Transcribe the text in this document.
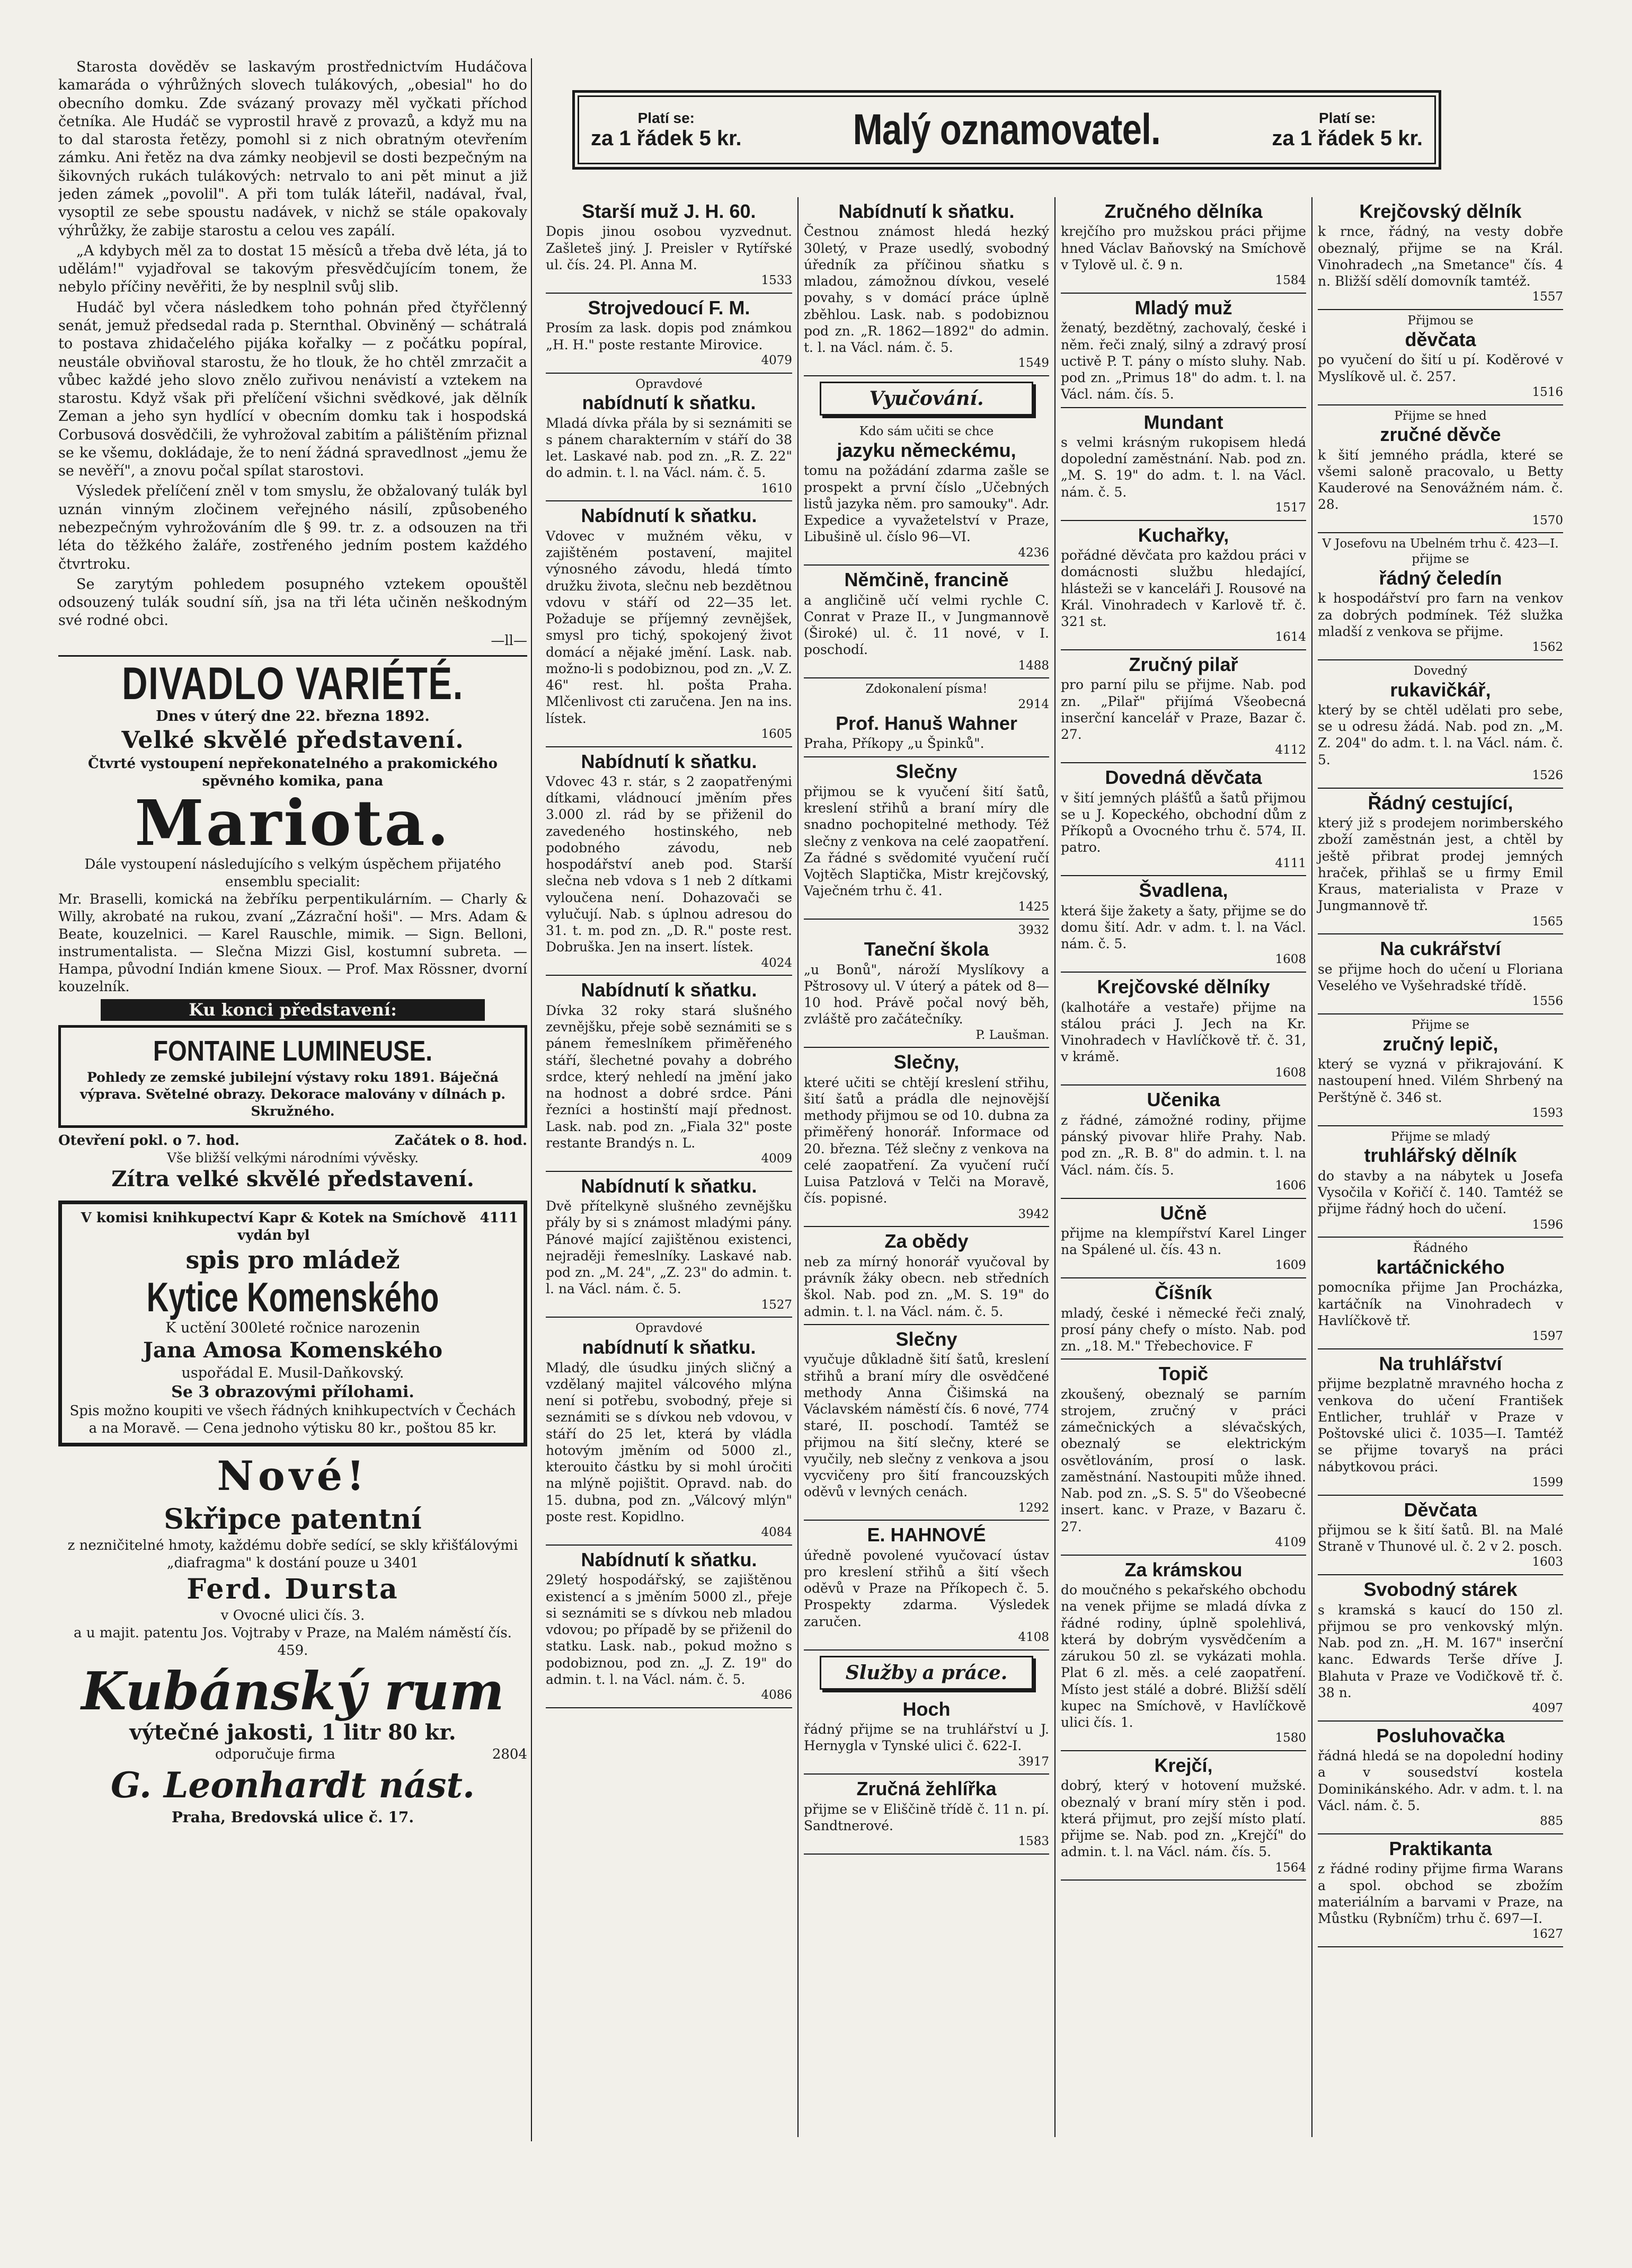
Starosta dověděv se laskavým prostřednictvím Hudáčova kamaráda o výhrůžných slovech tulákových, „obesial" ho do obecního domku. Zde svázaný provazy měl vyčkati příchod četníka. Ale Hudáč se vyprostil hravě z provazů, a když mu na to dal starosta řetězy, pomohl si z nich obratným otevřením zámku. Ani řetěz na dva zámky neobjevil se dosti bezpečným na šikovných rukách tulákových: netrvalo to ani pět minut a již jeden zámek „povolil". A při tom tulák láteřil, nadával, řval, vysoptil ze sebe spoustu nadávek, v nichž se stále opakovaly výhrůžky, že zabije starostu a celou ves zapálí.

„A kdybych měl za to dostat 15 měsíců a třeba dvě léta, já to udělám!" vyjadřoval se takovým přesvědčujícím tonem, že nebylo příčiny nevěřiti, že by nesplnil svůj slib.

Hudáč byl včera následkem toho pohnán před čtyřčlenný senát, jemuž předsedal rada p. Sternthal. Obviněný — schátralá to postava zhidačelého pijáka kořalky — z počátku popíral, neustále obviňoval starostu, že ho tlouk, že ho chtěl zmrzačit a vůbec každé jeho slovo znělo zuřivou nenávistí a vztekem na starostu. Když však při přelíčení všichni svědkové, jak dělník Zeman a jeho syn hydlící v obecním domku tak i hospodská Corbusová dosvědčili, že vyhrožoval zabitím a pálištěním přiznal se ke všemu, dokládaje, že to není žádná spravedlnost „jemu že se nevěří", a znovu počal spílat starostovi.

Výsledek přelíčení zněl v tom smyslu, že obžalovaný tulák byl uznán vinným zločinem veřejného násilí, způsobeného nebezpečným vyhrožováním dle § 99. tr. z. a odsouzen na tři léta do těžkého žaláře, zostřeného jedním postem každého čtvrtroku.

Se zarytým pohledem posupného vztekem opouštěl odsouzený tulák soudní síň, jsa na tři léta učiněn neškodným své rodné obci.

—ll—
DIVADLO VARIÉTÉ.
Dnes v úterý dne 22. března 1892.
Velké skvělé představení.
Čtvrté vystoupení nepřekonatelného a prakomického spěvného komika, pana
Mariota.
Dále vystoupení následujícího s velkým úspěchem přijatého ensemblu specialit:
Mr. Braselli, komická na žebříku perpentikulárním. — Charly & Willy, akrobaté na rukou, zvaní „Zázrační hoši". — Mrs. Adam & Beate, kouzelnici. — Karel Rauschle, mimik. — Sign. Belloni, instrumentalista. — Slečna Mizzi Gisl, kostumní subreta. — Hampa, původní Indián kmene Sioux. — Prof. Max Rössner, dvorní kouzelník.
Ku konci představení:
FONTAINE LUMINEUSE.
Pohledy ze zemské jubilejní výstavy roku 1891. Báječná výprava. Světelné obrazy. Dekorace malovány v dílnách p. Skružného.
Otevření pokl. o 7. hod.	Začátek o 8. hod.
Vše bližší velkými národními vývěsky.
Zítra velké skvělé představení.
V komisi knihkupectví Kapr & Kotek na Smíchově vydán byl
4111
spis pro mládež
Kytice Komenského
K uctění 300leté ročnice narozenin
Jana Amosa Komenského
uspořádal E. Musil-Daňkovský.
Se 3 obrazovými přílohami.
Spis možno koupiti ve všech řádných knihkupectvích v Čechách a na Moravě. — Cena jednoho výtisku 80 kr., poštou 85 kr.
Nové!
Skřipce patentní
z nezničitelné hmoty, každému dobře sedící, se skly křišťálovými „diafragma" k dostání pouze u 3401
Ferd. Dursta
v Ovocné ulici čís. 3.
a u majit. patentu Jos. Vojtraby v Praze, na Malém náměstí čís. 459.
Kubánský rum
výtečné jakosti, 1 litr 80 kr.
odporučuje firma	2804
G. Leonhardt nást.
Praha, Bredovská ulice č. 17.
Platí se:
za 1 řádek 5 kr.	Malý oznamovatel.	Platí se:
za 1 řádek 5 kr.
Starší muž J. H. 60.
Dopis jinou osobou vyzvednut. Zašleteš jiný. J. Preisler v Rytířské ul. čís. 24. Pl. Anna M.
1533
Strojvedoucí F. M.
Prosím za lask. dopis pod známkou „H. H." poste restante Mirovice.
4079
Opravdové
nabídnutí k sňatku.
Mladá dívka přála by si seznámiti se s pánem charakterním v stáří do 38 let. Laskavé nab. pod zn. „R. Z. 22" do admin. t. l. na Václ. nám. č. 5.
1610
Nabídnutí k sňatku.
Vdovec v mužném věku, v zajištěném postavení, majitel výnosného závodu, hledá tímto družku života, slečnu neb bezdětnou vdovu v stáří od 22—35 let. Požaduje se příjemný zevnějšek, smysl pro tichý, spokojený život domácí a nějaké jmění. Lask. nab. možno-li s podobiznou, pod zn. „V. Z. 46" rest. hl. pošta Praha. Mlčenlivost cti zaručena. Jen na ins. lístek.
1605
Nabídnutí k sňatku.
Vdovec 43 r. stár, s 2 zaopatřenými dítkami, vládnoucí jměním přes 3.000 zl. rád by se přiženil do zavedeného hostinského, neb podobného závodu, neb hospodářství aneb pod. Starší slečna neb vdova s 1 neb 2 dítkami vyloučena není. Dohazovači se vylučují. Nab. s úplnou adresou do 31. t. m. pod zn. „D. R." poste rest. Dobruška. Jen na insert. lístek.
4024
Nabídnutí k sňatku.
Dívka 32 roky stará slušného zevnějšku, přeje sobě seznámiti se s pánem řemeslníkem přiměřeného stáří, šlechetné povahy a dobrého srdce, který nehledí na jmění jako na hodnost a dobré srdce. Páni řezníci a hostinští mají přednost. Lask. nab. pod zn. „Fiala 32" poste restante Brandýs n. L.
4009
Nabídnutí k sňatku.
Dvě přítelkyně slušného zevnějšku přály by si s známost mladými pány. Pánové mající zajištěnou existenci, nejraději řemeslníky. Laskavé nab. pod zn. „M. 24", „Z. 23" do admin. t. l. na Václ. nám. č. 5.
1527
Opravdové
nabídnutí k sňatku.
Mladý, dle úsudku jiných sličný a vzdělaný majitel válcového mlýna není si potřebu, svobodný, přeje si seznámiti se s dívkou neb vdovou, v stáří do 25 let, která by vládla hotovým jměním od 5000 zl., kterouito částku by si mohl úročiti na mlýně pojištit. Opravd. nab. do 15. dubna, pod zn. „Válcový mlýn" poste rest. Kopidlno.
4084
Nabídnutí k sňatku.
29letý hospodářský, se zajištěnou existencí a s jměním 5000 zl., přeje si seznámiti se s dívkou neb mladou vdovou; po případě by se přiženil do statku. Lask. nab., pokud možno s podobiznou, pod zn. „J. Z. 19" do admin. t. l. na Václ. nám. č. 5.
4086
Nabídnutí k sňatku.
Čestnou známost hledá hezký 30letý, v Praze usedlý, svobodný úředník za příčinou sňatku s mladou, zámožnou dívkou, veselé povahy, s v domácí práce úplně zběhlou. Lask. nab. s podobiznou pod zn. „R. 1862—1892" do admin. t. l. na Václ. nám. č. 5.
1549
Vyučování.
Kdo sám učiti se chce
jazyku německému,
tomu na požádání zdarma zašle se prospekt a první číslo „Učebných listů jazyka něm. pro samouky". Adr. Expedice a vyvažetelství v Praze, Libušině ul. číslo 96—VI.
4236
Němčině, francině
a angličině učí velmi rychle C. Conrat v Praze II., v Jungmannově (Široké) ul. č. 11 nové, v I. poschodí.
1488
Zdokonalení písma!
2914
Prof. Hanuš Wahner
Praha, Příkopy „u Špinků".
Slečny
přijmou se k vyučení šití šatů, kreslení střihů a braní míry dle snadno pochopitelné methody. Též slečny z venkova na celé zaopatření. Za řádné s svědomité vyučení ručí Vojtěch Slaptička, Mistr krejčovský, Vaječném trhu č. 41.
1425
3932
Taneční škola
„u Bonů", nároží Myslíkovy a Pštrosovy ul. V úterý a pátek od 8—10 hod. Právě počal nový běh, zvláště pro začátečníky.
P. Laušman.
Slečny,
které učiti se chtějí kreslení střihu, šití šatů a prádla dle nejnovější methody přijmou se od 10. dubna za přiměřený honorář. Informace od 20. března. Též slečny z venkova na celé zaopatření. Za vyučení ručí Luisa Patzlová v Telči na Moravě, čís. popisné.
3942
Za obědy
neb za mírný honorář vyučoval by právník žáky obecn. neb středních škol. Nab. pod zn. „M. S. 19" do admin. t. l. na Václ. nám. č. 5.
Slečny
vyučuje důkladně šití šatů, kreslení střihů a braní míry dle osvědčené methody Anna Čišimská na Václavském náměstí čís. 6 nové, 774 staré, II. poschodí. Tamtéž se přijmou na šití slečny, které se vyučily, neb slečny z venkova a jsou vycvičeny pro šití francouzských oděvů v levných cenách.
1292
E. HAHNOVÉ
úředně povolené vyučovací ústav pro kreslení střihů a šití všech oděvů v Praze na Příkopech č. 5. Prospekty zdarma. Výsledek zaručen.
4108
Služby a práce.
Hoch
řádný přijme se na truhlářství u J. Hernygla v Tynské ulici č. 622-I.
3917
Zručná žehlířka
přijme se v Eliščině třídě č. 11 n. pí. Sandtnerové.
1583
Zručného dělníka
krejčího pro mužskou práci přijme hned Václav Baňovský na Smíchově v Tylově ul. č. 9 n.
1584
Mladý muž
ženatý, bezdětný, zachovalý, české i něm. řeči znalý, silný a zdravý prosí uctivě P. T. pány o místo sluhy. Nab. pod zn. „Primus 18" do adm. t. l. na Václ. nám. čís. 5.
Mundant
s velmi krásným rukopisem hledá dopolední zaměstnání. Nab. pod zn. „M. S. 19" do adm. t. l. na Václ. nám. č. 5.
1517
Kuchařky,
pořádné děvčata pro každou práci v domácnosti službu hledající, hlásteži se v kanceláři J. Rousové na Král. Vinohradech v Karlově tř. č. 321 st.
1614
Zručný pilař
pro parní pilu se přijme. Nab. pod zn. „Pilař" přijímá Všeobecná inserční kancelář v Praze, Bazar č. 27.
4112
Dovedná děvčata
v šití jemných plášťů a šatů přijmou se u J. Kopeckého, obchodní dům z Příkopů a Ovocného trhu č. 574, II. patro.
4111
Švadlena,
která šije žakety a šaty, přijme se do domu šití. Adr. v adm. t. l. na Václ. nám. č. 5.
1608
Krejčovské dělníky
(kalhotáře a vestaře) přijme na stálou práci J. Jech na Kr. Vinohradech v Havlíčkově tř. č. 31, v krámě.
1608
Učenika
z řádné, zámožné rodiny, přijme pánský pivovar hliře Prahy. Nab. pod zn. „R. B. 8" do admin. t. l. na Václ. nám. čís. 5.
1606
Učně
přijme na klempířství Karel Linger na Spálené ul. čís. 43 n.
1609
Číšník
mladý, české i německé řeči znalý, prosí pány chefy o místo. Nab. pod zn. „18. M." Třebechovice. F
Topič
zkoušený, obeznalý se parním strojem, zručný v práci zámečnických a slévačských, obeznalý se elektrickým osvětlováním, prosí o lask. zaměstnání. Nastoupiti může ihned. Nab. pod zn. „S. S. 5" do Všeobecné insert. kanc. v Praze, v Bazaru č. 27.
4109
Za krámskou
do moučného s pekařského obchodu na venek přijme se mladá dívka z řádné rodiny, úplně spolehlivá, která by dobrým vysvědčením a zárukou 50 zl. se vykázati mohla. Plat 6 zl. měs. a celé zaopatření. Místo jest stálé a dobré. Bližší sdělí kupec na Smíchově, v Havlíčkově ulici čís. 1.
1580
Krejčí,
dobrý, který v hotovení mužské. obeznalý v braní míry stěn i pod. která přijmut, pro zejší místo platí. přijme se. Nab. pod zn. „Krejčí" do admin. t. l. na Václ. nám. čís. 5.
1564
Krejčovský dělník
k rnce, řádný, na vesty dobře obeznalý, přijme se na Král. Vinohradech „na Smetance" čís. 4 n. Bližší sdělí domovník tamtéž.
1557
Přijmou se
děvčata
po vyučení do šití u pí. Koděrové v Myslíkově ul. č. 257.
1516
Přijme se hned
zručné děvče
k šití jemného prádla, které se všemi saloně pracovalo, u Betty Kauderové na Senovážném nám. č. 28.
1570
V Josefovu na Ubelném trhu č. 423—I. přijme se
řádný čeledín
k hospodářství pro farn na venkov za dobrých podmínek. Též služka mladší z venkova se přijme.
1562
Dovedný
rukavičkář,
který by se chtěl udělati pro sebe, se u odresu žádá. Nab. pod zn. „M. Z. 204" do adm. t. l. na Václ. nám. č. 5.
1526
Řádný cestující,
který již s prodejem norimberského zboží zaměstnán jest, a chtěl by ještě přibrat prodej jemných hraček, přihlaš se u firmy Emil Kraus, materialista v Praze v Jungmannově tř.
1565
Na cukrářství
se přijme hoch do učení u Floriana Veselého ve Vyšehradské třídě.
1556
Přijme se
zručný lepič,
který se vyzná v přikrajování. K nastoupení hned. Vilém Shrbený na Perštýně č. 346 st.
1593
Přijme se mladý
truhlářský dělník
do stavby a na nábytek u Josefa Vysočila v Kořičí č. 140. Tamtéž se přijme řádný hoch do učení.
1596
Řádného
kartáčnického
pomocníka přijme Jan Procházka, kartáčník na Vinohradech v Havlíčkově tř.
1597
Na truhlářství
přijme bezplatně mravného hocha z venkova do učení František Entlicher, truhlář v Praze v Poštovské ulici č. 1035—I. Tamtéž se přijme tovaryš na práci nábytkovou práci.
1599
Děvčata
přijmou se k šití šatů. Bl. na Malé Straně v Thunové ul. č. 2 v 2. posch.
1603
Svobodný stárek
s kramská s kaucí do 150 zl. přijmou se pro venkovský mlýn. Nab. pod zn. „H. M. 167" inserční kanc. Edwards Terše dříve J. Blahuta v Praze ve Vodičkově tř. č. 38 n.
4097
Posluhovačka
řádná hledá se na dopolední hodiny a v sousedství kostela Dominikánského. Adr. v adm. t. l. na Václ. nám. č. 5.
885
Praktikanta
z řádné rodiny přijme firma Warans a spol. obchod se zbožím materiálním a barvami v Praze, na Můstku (Rybníčm) trhu č. 697—I.
1627
